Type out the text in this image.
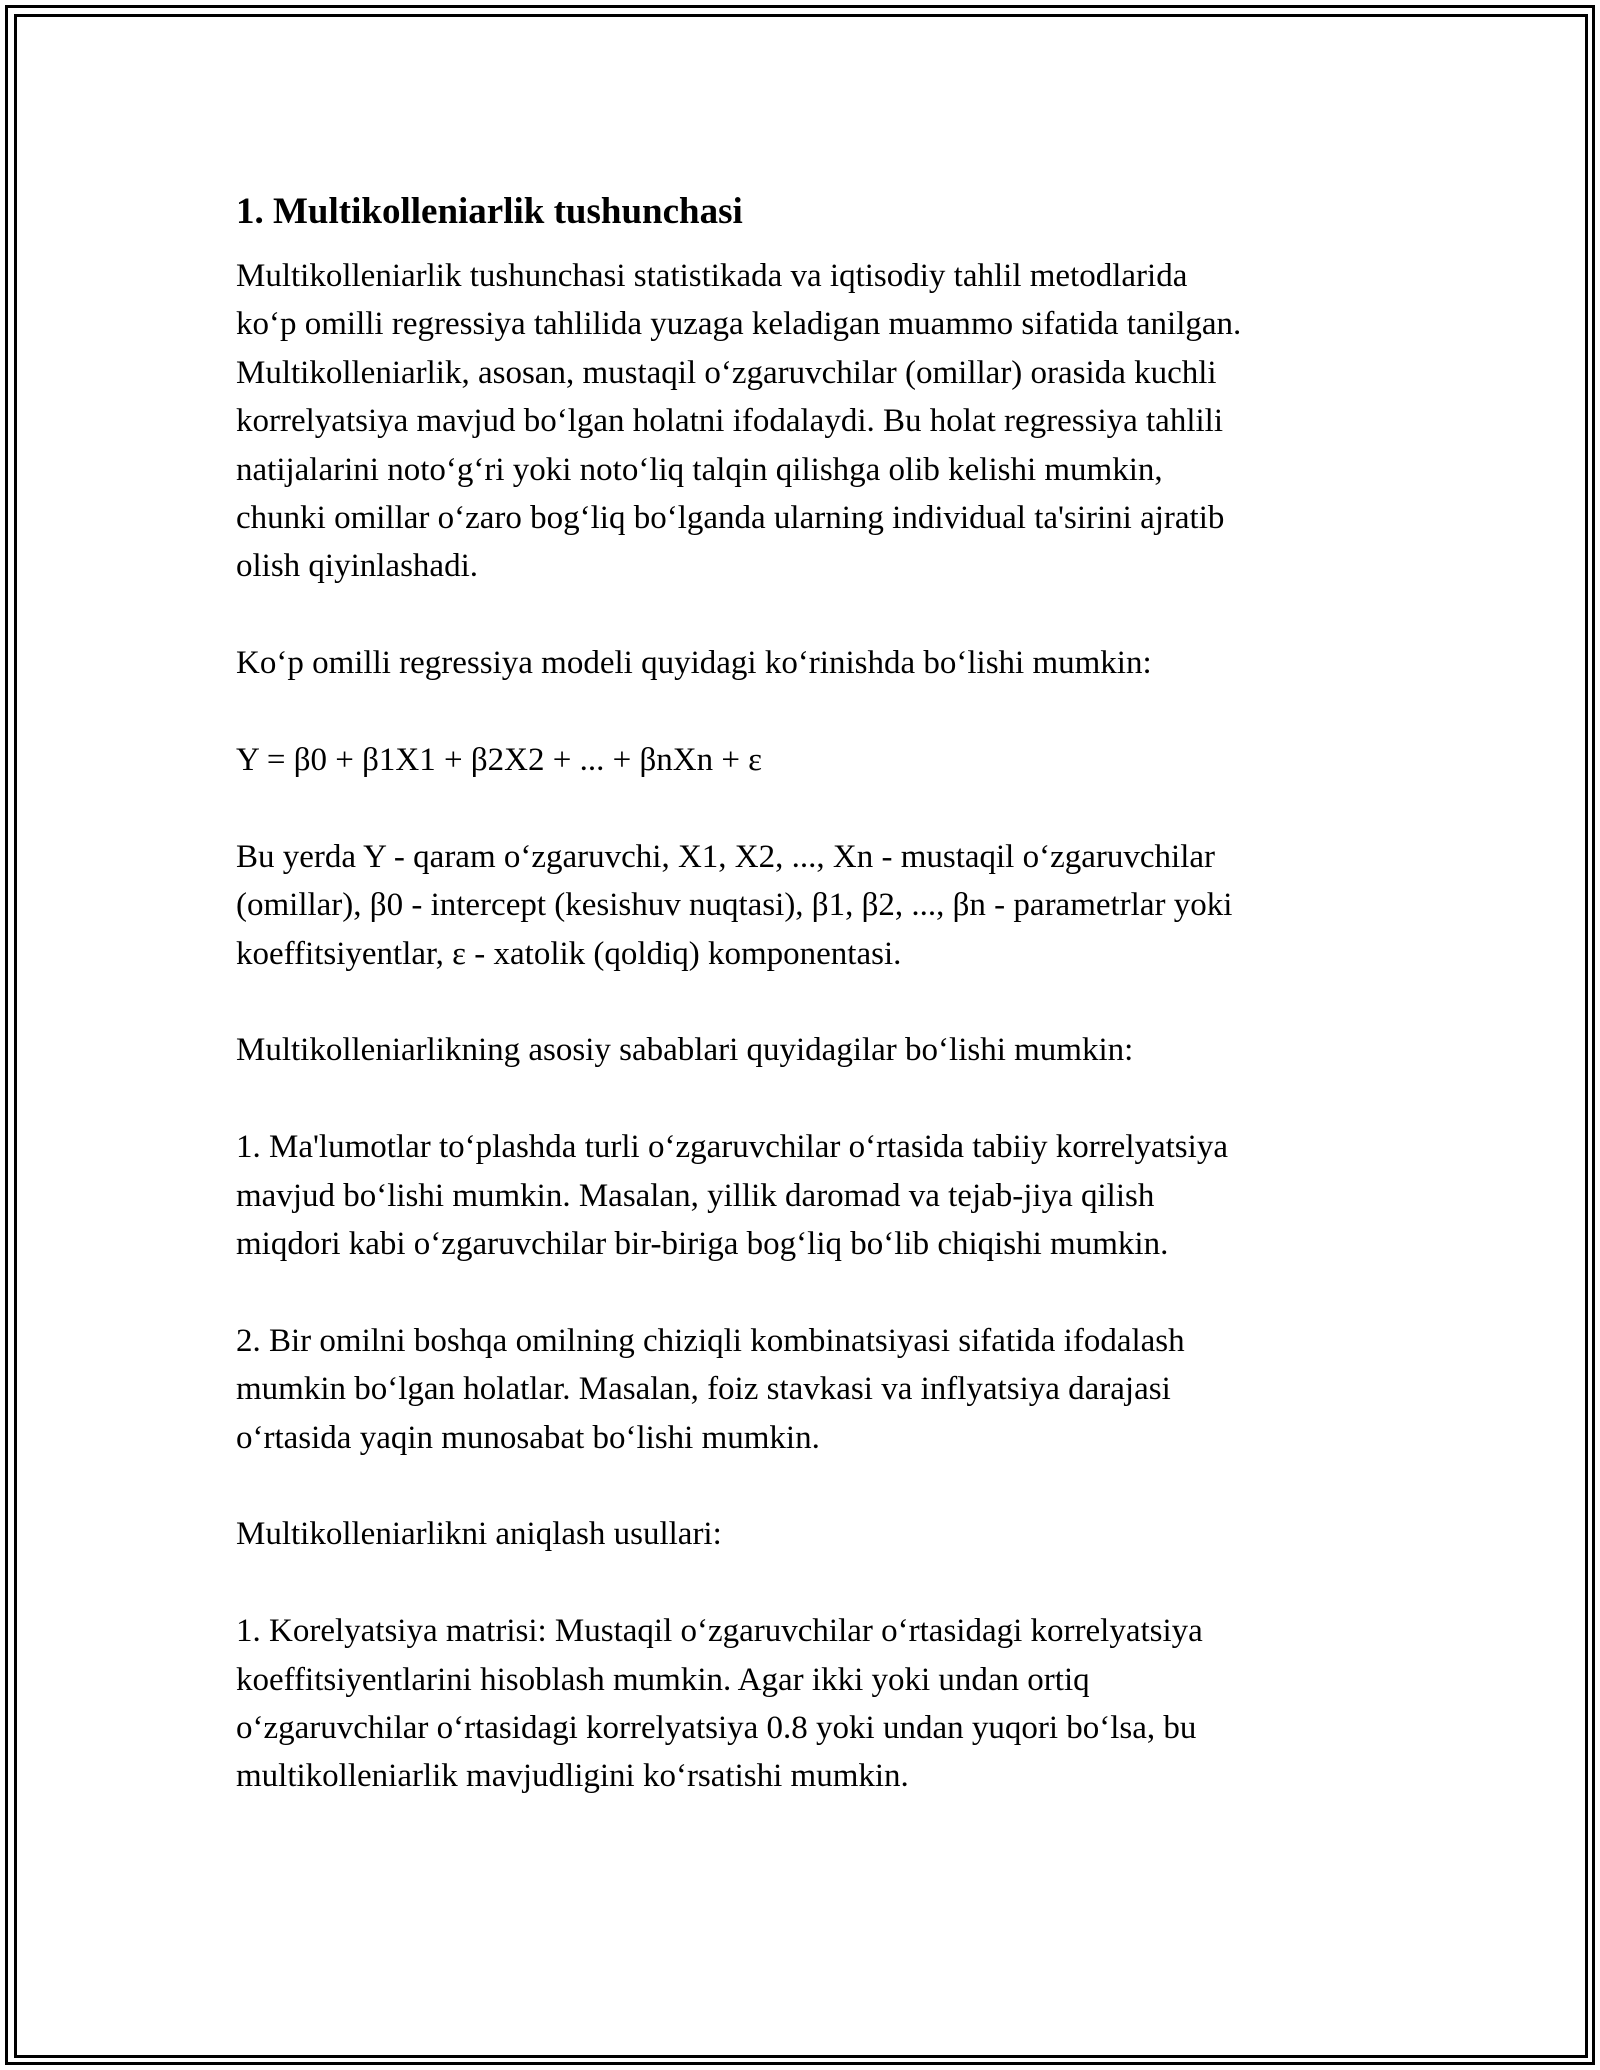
1. Multikolleniarlik tushunchasi

Multikolleniarlik tushunchasi statistikada va iqtisodiy tahlil metodlarida
ko‘p omilli regressiya tahlilida yuzaga keladigan muammo sifatida tanilgan.
Multikolleniarlik, asosan, mustaqil o‘zgaruvchilar (omillar) orasida kuchli
korrelyatsiya mavjud bo‘lgan holatni ifodalaydi. Bu holat regressiya tahlili
natijalarini noto‘g‘ri yoki noto‘liq talqin qilishga olib kelishi mumkin,
chunki omillar o‘zaro bog‘liq bo‘lganda ularning individual ta'sirini ajratib
olish qiyinlashadi.

Ko‘p omilli regressiya modeli quyidagi ko‘rinishda bo‘lishi mumkin:

Y = β0 + β1X1 + β2X2 + ... + βnXn + ε

Bu yerda Y - qaram o‘zgaruvchi, X1, X2, ..., Xn - mustaqil o‘zgaruvchilar
(omillar), β0 - intercept (kesishuv nuqtasi), β1, β2, ..., βn - parametrlar yoki
koeffitsiyentlar, ε - xatolik (qoldiq) komponentasi.

Multikolleniarlikning asosiy sabablari quyidagilar bo‘lishi mumkin:

1. Ma'lumotlar to‘plashda turli o‘zgaruvchilar o‘rtasida tabiiy korrelyatsiya
mavjud bo‘lishi mumkin. Masalan, yillik daromad va tejab-jiya qilish
miqdori kabi o‘zgaruvchilar bir-biriga bog‘liq bo‘lib chiqishi mumkin.

2. Bir omilni boshqa omilning chiziqli kombinatsiyasi sifatida ifodalash
mumkin bo‘lgan holatlar. Masalan, foiz stavkasi va inflyatsiya darajasi
o‘rtasida yaqin munosabat bo‘lishi mumkin.

Multikolleniarlikni aniqlash usullari:

1. Korelyatsiya matrisi: Mustaqil o‘zgaruvchilar o‘rtasidagi korrelyatsiya
koeffitsiyentlarini hisoblash mumkin. Agar ikki yoki undan ortiq
o‘zgaruvchilar o‘rtasidagi korrelyatsiya 0.8 yoki undan yuqori bo‘lsa, bu
multikolleniarlik mavjudligini ko‘rsatishi mumkin.
